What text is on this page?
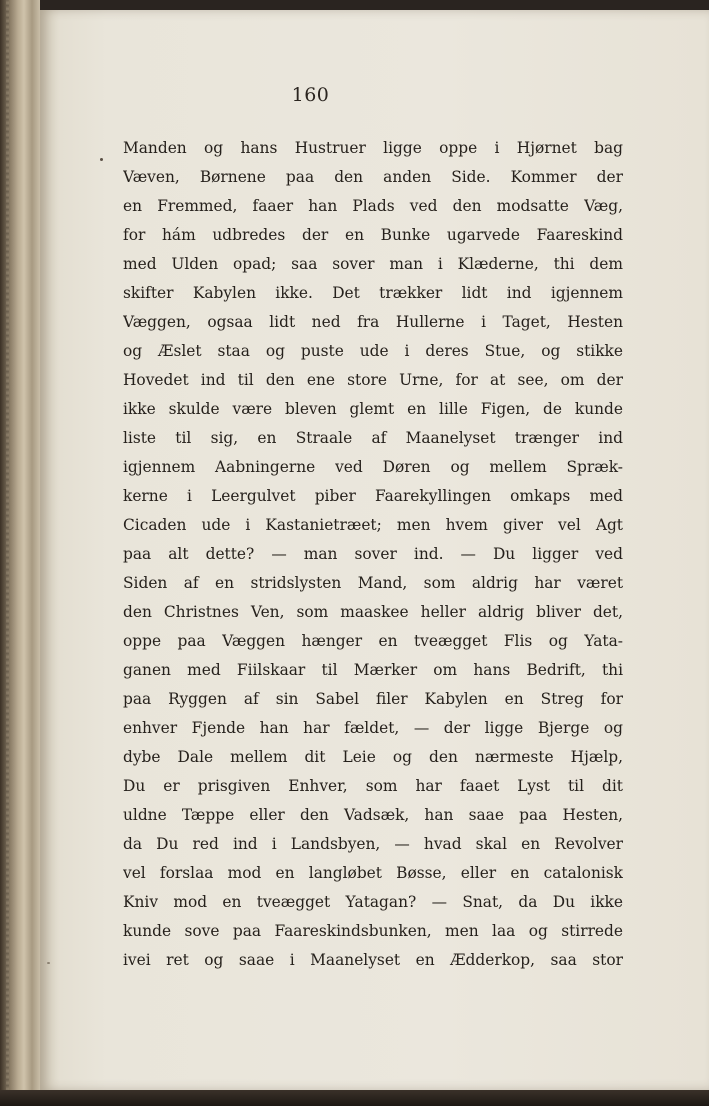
160
Manden og hans Hustruer ligge oppe i Hjørnet bag
Væven, Børnene paa den anden Side. Kommer der
en Fremmed, faaer han Plads ved den modsatte Væg,
for hám udbredes der en Bunke ugarvede Faareskind
med Ulden opad; saa sover man i Klæderne, thi dem
skifter Kabylen ikke. Det trækker lidt ind igjennem
Væggen, ogsaa lidt ned fra Hullerne i Taget, Hesten
og Æslet staa og puste ude i deres Stue, og stikke
Hovedet ind til den ene store Urne, for at see, om der
ikke skulde være bleven glemt en lille Figen, de kunde
liste til sig, en Straale af Maanelyset trænger ind
igjennem Aabningerne ved Døren og mellem Spræk-
kerne i Leergulvet piber Faarekyllingen omkaps med
Cicaden ude i Kastanietræet; men hvem giver vel Agt
paa alt dette? — man sover ind. — Du ligger ved
Siden af en stridslysten Mand, som aldrig har været
den Christnes Ven, som maaskee heller aldrig bliver det,
oppe paa Væggen hænger en tveægget Flis og Yata-
ganen med Fiilskaar til Mærker om hans Bedrift, thi
paa Ryggen af sin Sabel filer Kabylen en Streg for
enhver Fjende han har fældet, — der ligge Bjerge og
dybe Dale mellem dit Leie og den nærmeste Hjælp,
Du er prisgiven Enhver, som har faaet Lyst til dit
uldne Tæppe eller den Vadsæk, han saae paa Hesten,
da Du red ind i Landsbyen, — hvad skal en Revolver
vel forslaa mod en langløbet Bøsse, eller en catalonisk
Kniv mod en tveægget Yatagan? — Snat, da Du ikke
kunde sove paa Faareskindsbunken, men laa og stirrede
ivei ret og saae i Maanelyset en Ædderkop, saa stor
